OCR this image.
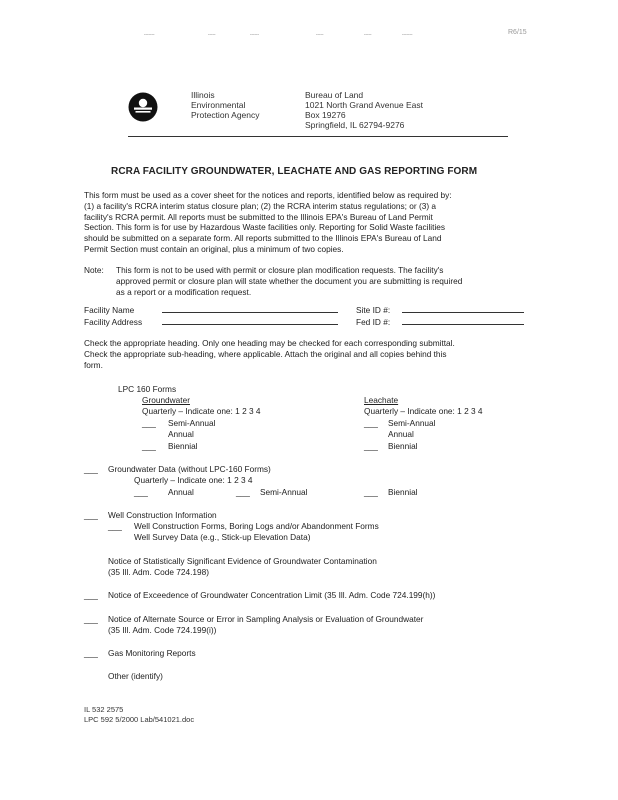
-------	-----	------	-----	-----	-------	R6/15
Illinois
Environmental
Protection Agency
Bureau of Land
1021 North Grand Avenue East
Box 19276
Springfield, IL 62794-9276
RCRA FACILITY GROUNDWATER, LEACHATE AND GAS REPORTING FORM
This form must be used as a cover sheet for the notices and reports, identified below as required by:
(1) a facility's RCRA interim status closure plan; (2) the RCRA interim status regulations; or (3) a
facility's RCRA permit. All reports must be submitted to the Illinois EPA's Bureau of Land Permit
Section. This form is for use by Hazardous Waste facilities only. Reporting for Solid Waste facilities
should be submitted on a separate form. All reports submitted to the Illinois EPA's Bureau of Land
Permit Section must contain an original, plus a minimum of two copies.
Note: This form is not to be used with permit or closure plan modification requests. The facility's
approved permit or closure plan will state whether the document you are submitting is required
as a report or a modification request.
Facility Name	Site ID #:
Facility Address	Fed ID #:
Check the appropriate heading. Only one heading may be checked for each corresponding submittal.
Check the appropriate sub-heading, where applicable. Attach the original and all copies behind this
form.
LPC 160 Forms
Groundwater	Leachate
Quarterly – Indicate one: 1 2 3 4	Quarterly – Indicate one: 1 2 3 4
___ Semi-Annual	___ Semi-Annual
Annual	Annual
___ Biennial	___ Biennial
___ Groundwater Data (without LPC-160 Forms)
Quarterly – Indicate one: 1 2 3 4
___ Annual	___ Semi-Annual	___ Biennial
___ Well Construction Information
___ Well Construction Forms, Boring Logs and/or Abandonment Forms
Well Survey Data (e.g., Stick-up Elevation Data)
Notice of Statistically Significant Evidence of Groundwater Contamination
(35 Ill. Adm. Code 724.198)
___ Notice of Exceedence of Groundwater Concentration Limit (35 Ill. Adm. Code 724.199(h))
___ Notice of Alternate Source or Error in Sampling Analysis or Evaluation of Groundwater
(35 Ill. Adm. Code 724.199(i))
___ Gas Monitoring Reports
Other (identify)
IL 532 2575
LPC 592 5/2000 Lab/541021.doc
